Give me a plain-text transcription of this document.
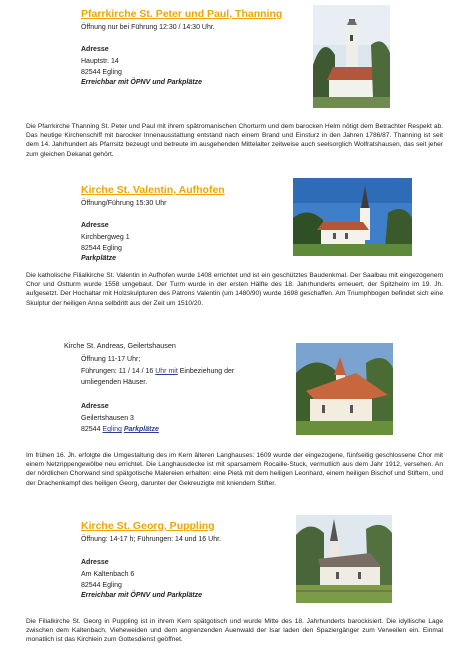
Pfarrkirche St. Peter und Paul, Thanning
Öffnung nur bei Führung 12:30 / 14:30 Uhr.
Adresse
Hauptstr. 14
82544 Egling
Erreichbar mit ÖPNV und Parkplätze
Die Pfarrkirche Thanning St. Peter und Paul mit ihrem spätromanischen Chorturm und dem barocken Helm nötigt dem Betrachter Respekt ab. Das heutige Kirchenschiff mit barocker Innenausstattung entstand nach einem Brand und Einsturz in den Jahren 1786/87. Thanning ist seit dem 14. Jahrhundert als Pfarrsitz bezeugt und betreute im ausgehenden Mittelalter zeitweise auch seelsorglich Wolfratshausen, das seit jeher zum gleichen Dekanat gehört.
Kirche St. Valentin, Aufhofen
Öffnung/Führung 15:30 Uhr
Adresse
Kirchbergweg 1
82544 Egling
Parkplätze
Die katholische Filialkirche St. Valentin in Aufhofen wurde 1408 errichtet und ist ein geschütztes Baudenkmal. Der Saalbau mit eingezogenem Chor und Ostturm wurde 1558 umgebaut. Der Turm wurde in der ersten Hälfte des 18. Jahrhunderts erneuert, der Spitzhelm im 19. Jh. aufgesetzt. Der Hochaltar mit Holzskulpturen des Patrons Valentin (um 1480/90) wurde 1698 geschaffen. Am Triumphbogen befindet sich eine Skulptur der heiligen Anna selbdritt aus der Zeit um 1510/20.
Kirche St. Andreas, Geilertshausen
Öffnung 11-17 Uhr;
Führungen: 11 / 14 / 16 Uhr mit Einbeziehung der
umliegenden Häuser.
Adresse
Geilertshausen 3
82544 Egling Parkplätze
Im frühen 16. Jh. erfolgte die Umgestaltung des im Kern älteren Langhauses: 1609 wurde der eingezogene, fünfseitig geschlossene Chor mit einem Netzrippengewölbe neu errichtet. Die Langhausdecke ist mit sparsamem Rocaille-Stuck, vermutlich aus dem Jahr 1912, versehen. An der nördlichen Chorwand sind spätgotische Malereien erhalten: eine Pietà mit dem heiligen Leonhard, einem heiligen Bischof und Stiftern, und der Drachenkampf des heiligen Georg, darunter der Gekreuzigte mit kniendem Stifter.
Kirche St. Georg, Puppling
Öffnung: 14-17 h; Führungen: 14 und 16 Uhr.
Adresse
Am Kaltenbach 6
82544 Egling
Erreichbar mit ÖPNV und Parkplätze
Die Filialkirche St. Georg in Puppling ist in ihrem Kern spätgotisch und wurde Mitte des 18. Jahrhunderts barockisiert. Die idyllische Lage zwischen dem Kaltenbach, Vieheweiden und dem angrenzenden Auenwald der Isar laden den Spaziergänger zum Verweilen ein. Einmal monatlich ist das Kirchlein zum Gottesdienst geöffnet.
